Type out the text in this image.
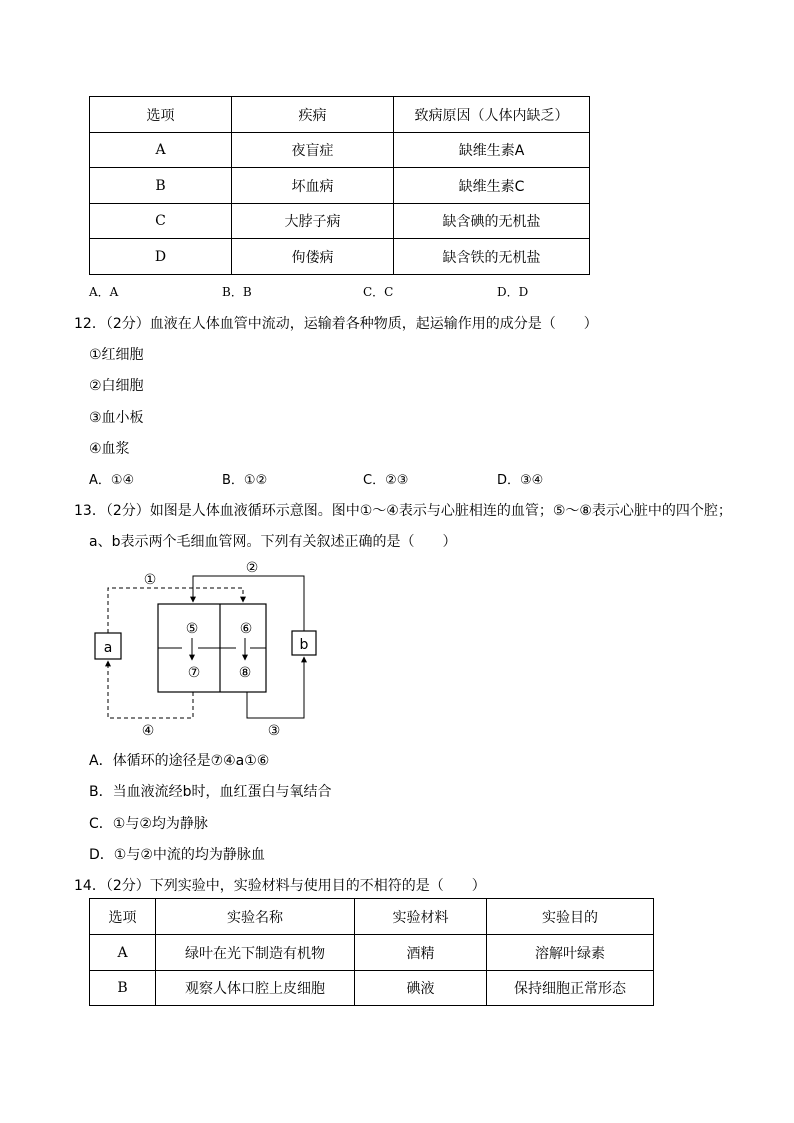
选项	疾病	致病原因（人体内缺乏）
A	夜盲症	缺维生素A
B	坏血病	缺维生素C
C	大脖子病	缺含碘的无机盐
D	佝偻病	缺含铁的无机盐
A．A	B．B	C．C	D．D
12．（2分）血液在人体血管中流动，运输着各种物质，起运输作用的成分是（　　）
①红细胞
②白细胞
③血小板
④血浆
A．①④	B．①②	C．②③	D．③④
13．（2分）如图是人体血液循环示意图。图中①～④表示与心脏相连的血管；⑤～⑧表示心脏中的四个腔；
a、b表示两个毛细血管网。下列有关叙述正确的是（　　）
⑤	⑥
⑦	⑧
a	b
①
②
③
④
A．体循环的途径是⑦④a①⑥
B．当血液流经b时，血红蛋白与氧结合
C．①与②均为静脉
D．①与②中流的均为静脉血
14．（2分）下列实验中，实验材料与使用目的不相符的是（　　）
选项	实验名称	实验材料	实验目的
A	绿叶在光下制造有机物	酒精	溶解叶绿素
B	观察人体口腔上皮细胞	碘液	保持细胞正常形态
